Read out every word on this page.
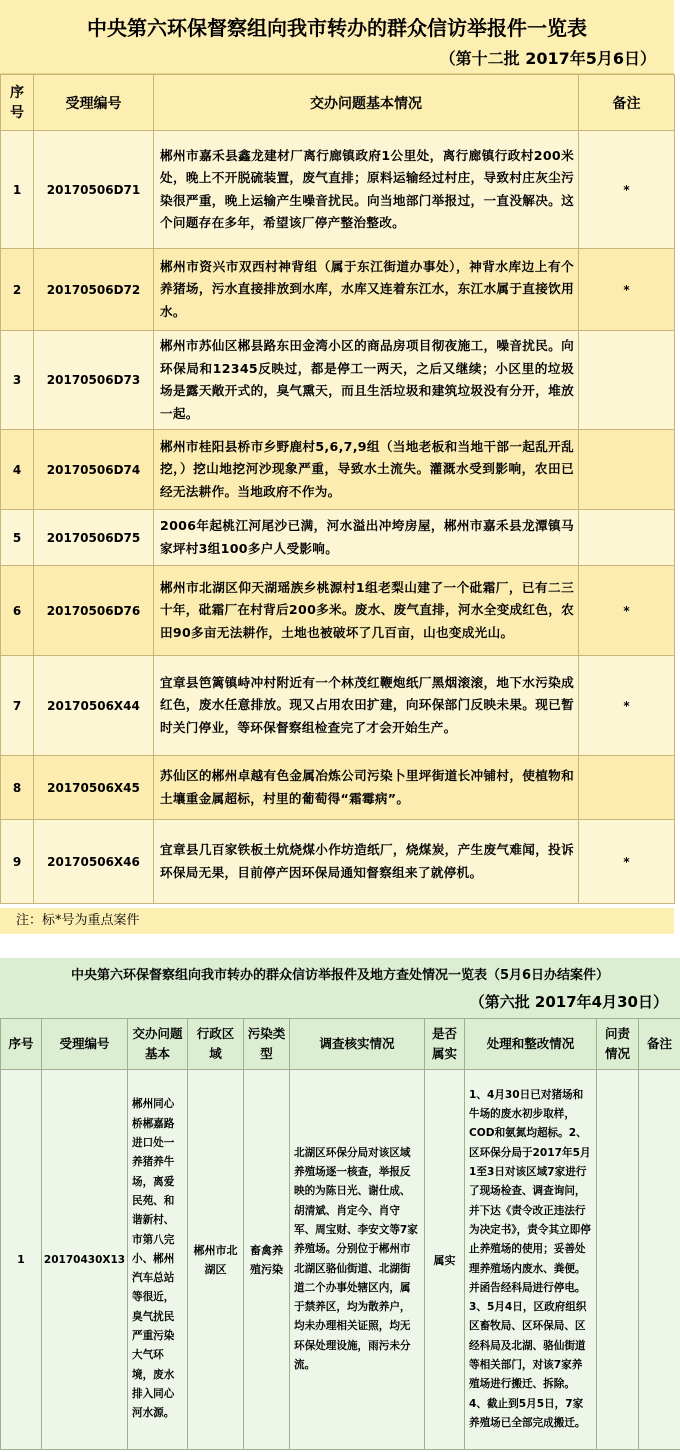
中央第六环保督察组向我市转办的群众信访举报件一览表
（第十二批 2017年5月6日）
序号	受理编号	交办问题基本情况	备注
1	20170506D71	郴州市嘉禾县鑫龙建材厂离行廊镇政府1公里处，离行廊镇行政村200米处，晚上不开脱硫装置，废气直排；原料运输经过村庄，导致村庄灰尘污染很严重，晚上运输产生噪音扰民。向当地部门举报过，一直没解决。这个问题存在多年，希望该厂停产整治整改。	*
2	20170506D72	郴州市资兴市双西村神背组（属于东江街道办事处），神背水库边上有个养猪场，污水直接排放到水库，水库又连着东江水，东江水属于直接饮用水。	*
3	20170506D73	郴州市苏仙区郴县路东田金湾小区的商品房项目彻夜施工，噪音扰民。向环保局和12345反映过，都是停工一两天，之后又继续；小区里的垃圾场是露天敞开式的，臭气熏天，而且生活垃圾和建筑垃圾没有分开，堆放一起。	
4	20170506D74	郴州市桂阳县桥市乡野鹿村5,6,7,9组（当地老板和当地干部一起乱开乱挖，）挖山地挖河沙现象严重，导致水土流失。灌溉水受到影响，农田已经无法耕作。当地政府不作为。	
5	20170506D75	2006年起桃江河尾沙已满，河水溢出冲垮房屋，郴州市嘉禾县龙潭镇马家坪村3组100多户人受影响。	
6	20170506D76	郴州市北湖区仰天湖瑶族乡桃源村1组老梨山建了一个砒霜厂，已有二三十年，砒霜厂在村背后200多米。废水、废气直排，河水全变成红色，农田90多亩无法耕作，土地也被破坏了几百亩，山也变成光山。	*
7	20170506X44	宜章县笆篱镇峙冲村附近有一个林茂红鞭炮纸厂黑烟滚滚，地下水污染成红色，废水任意排放。现又占用农田扩建，向环保部门反映未果。现已暂时关门停业，等环保督察组检查完了才会开始生产。	*
8	20170506X45	苏仙区的郴州卓越有色金属冶炼公司污染卜里坪街道长冲铺村，使植物和土壤重金属超标，村里的葡萄得“霜霉病”。	
9	20170506X46	宜章县几百家铁板土炕烧煤小作坊造纸厂，烧煤炭，产生废气难闻，投诉环保局无果，目前停产因环保局通知督察组来了就停机。	*
注：标*号为重点案件
中央第六环保督察组向我市转办的群众信访举报件及地方查处情况一览表（5月6日办结案件）
（第六批 2017年4月30日）
序号	受理编号	交办问题基本	行政区域	污染类型	调查核实情况	是否属实	处理和整改情况	问责情况	备注
1	20170430X13	郴州同心桥郴嘉路进口处一养猪养牛场，离爱民苑、和谐新村、市第八完小、郴州汽车总站等很近，臭气扰民严重污染 大气环境，废水排入同心河水源。	郴州市北湖区	畜禽养殖污染	北湖区环保分局对该区域养殖场逐一核查，举报反映的为陈日光、谢仕成、胡清斌、肖定今、肖守军、周宝财、李安文等7家养殖场。分别位于郴州市北湖区骆仙街道、北湖街道二个办事处辖区内，属于禁养区，均为散养户，均未办理相关证照，均无环保处理设施，雨污未分流。	属实	1、4月30日已对猪场和牛场的废水初步取样，COD和氨氮均超标。2、区环保分局于2017年5月1至3日对该区域7家进行了现场检查、调查询问，并下达《责令改正违法行为决定书》，责令其立即停止养殖场的使用；妥善处理养殖场内废水、粪便。并函告经科局进行停电。3、5月4日，区政府组织区畜牧局、区环保局、区经科局及北湖、骆仙街道等相关部门，对该7家养殖场进行搬迁、拆除。4、截止到5月5日，7家养殖场已全部完成搬迁。		
